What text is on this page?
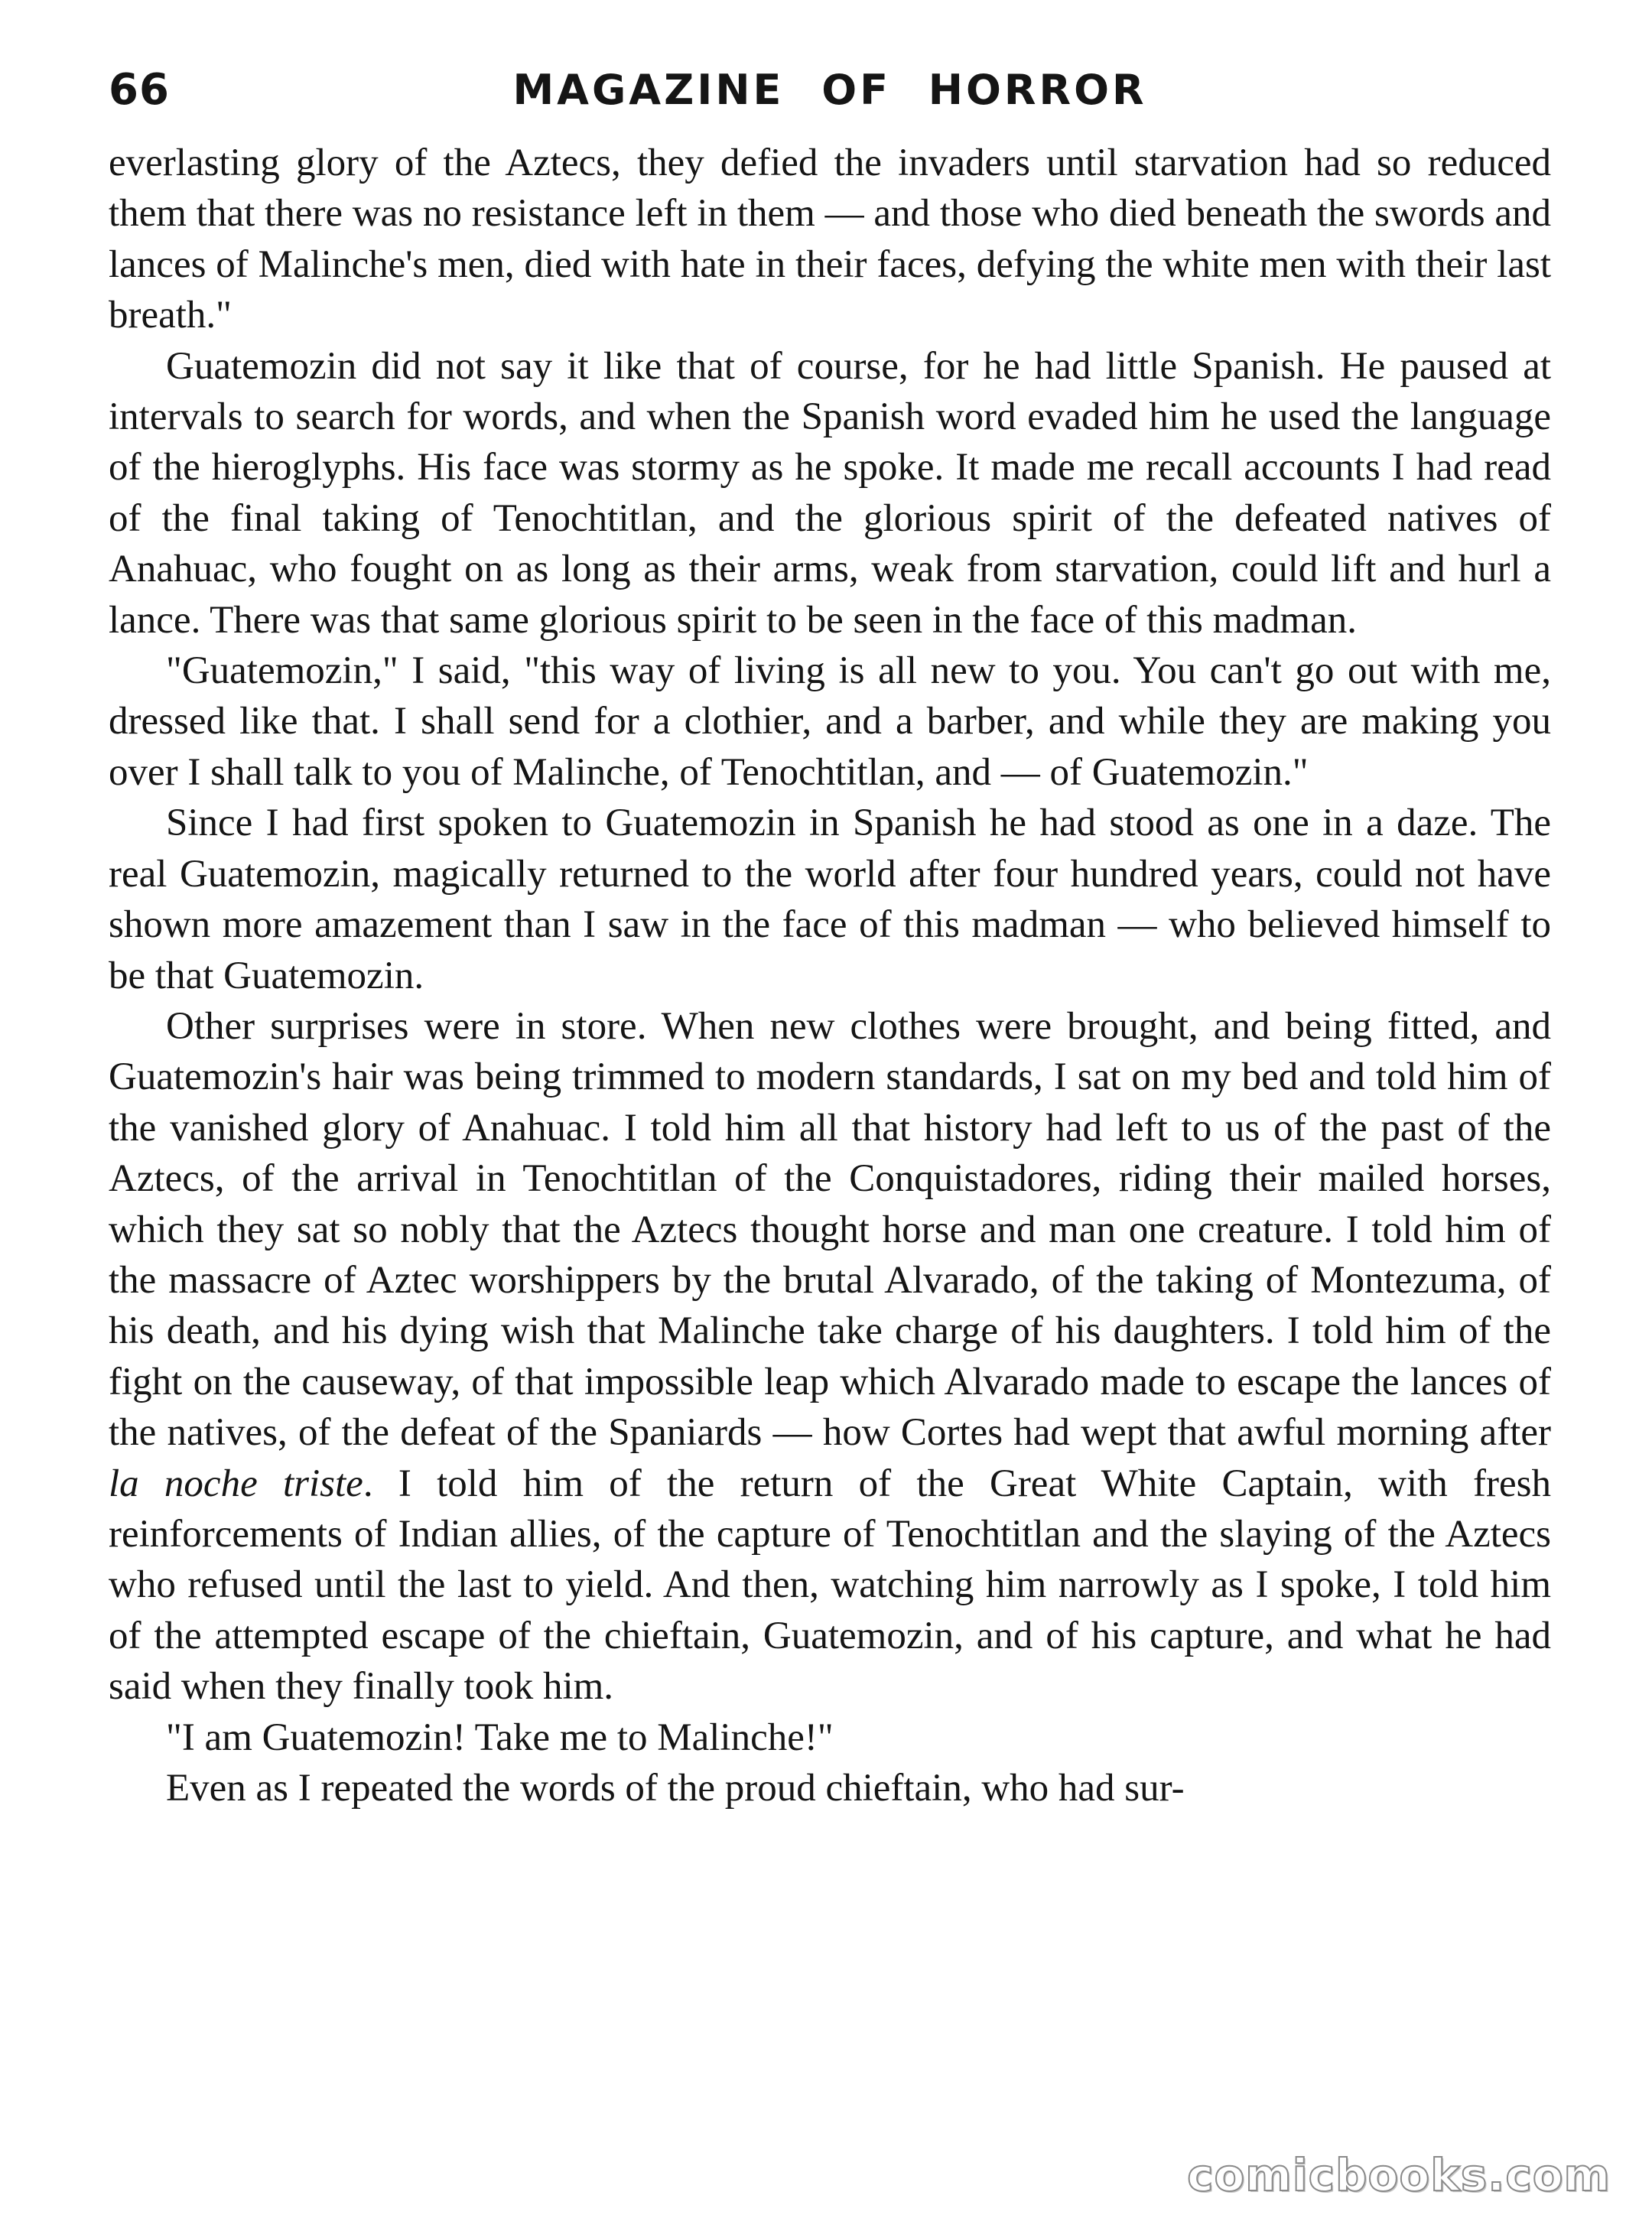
66	MAGAZINE OF HORROR

everlasting glory of the Aztecs, they defied the invaders until starvation had so reduced them that there was no resistance left in them — and those who died beneath the swords and lances of Malinche's men, died with hate in their faces, defying the white men with their last breath."

Guatemozin did not say it like that of course, for he had little Spanish. He paused at intervals to search for words, and when the Spanish word evaded him he used the language of the hieroglyphs. His face was stormy as he spoke. It made me recall accounts I had read of the final taking of Tenochtitlan, and the glorious spirit of the defeated natives of Anahuac, who fought on as long as their arms, weak from starvation, could lift and hurl a lance. There was that same glorious spirit to be seen in the face of this madman.

"Guatemozin," I said, "this way of living is all new to you. You can't go out with me, dressed like that. I shall send for a clothier, and a barber, and while they are making you over I shall talk to you of Malinche, of Tenochtitlan, and — of Guatemozin."

Since I had first spoken to Guatemozin in Spanish he had stood as one in a daze. The real Guatemozin, magically returned to the world after four hundred years, could not have shown more amazement than I saw in the face of this madman — who believed himself to be that Guatemozin.

Other surprises were in store. When new clothes were brought, and being fitted, and Guatemozin's hair was being trimmed to modern standards, I sat on my bed and told him of the vanished glory of Anahuac. I told him all that history had left to us of the past of the Aztecs, of the arrival in Tenochtitlan of the Conquistadores, riding their mailed horses, which they sat so nobly that the Aztecs thought horse and man one creature. I told him of the massacre of Aztec worshippers by the brutal Alvarado, of the taking of Montezuma, of his death, and his dying wish that Malinche take charge of his daughters. I told him of the fight on the causeway, of that impossible leap which Alvarado made to escape the lances of the natives, of the defeat of the Spaniards — how Cortes had wept that awful morning after la noche triste. I told him of the return of the Great White Captain, with fresh reinforcements of Indian allies, of the capture of Tenochtitlan and the slaying of the Aztecs who refused until the last to yield. And then, watching him narrowly as I spoke, I told him of the attempted escape of the chieftain, Guatemozin, and of his capture, and what he had said when they finally took him.

"I am Guatemozin! Take me to Malinche!"

Even as I repeated the words of the proud chieftain, who had sur-

comicbooks.com
